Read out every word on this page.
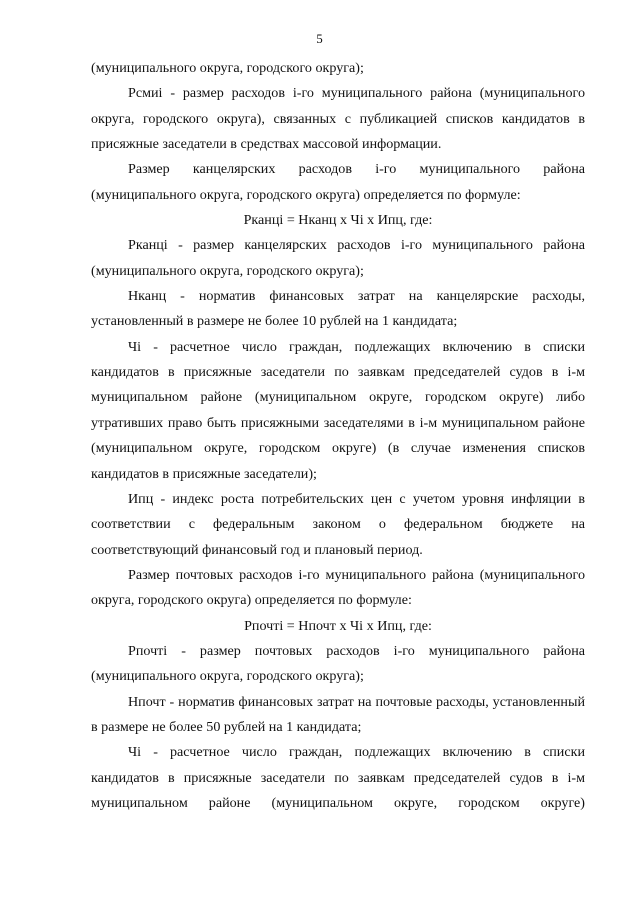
5

(муниципального округа, городского округа);

Рсмиі - размер расходов і-го муниципального района (муниципального округа, городского округа), связанных с публикацией списков кандидатов в присяжные заседатели в средствах массовой информации.

Размер канцелярских расходов і-го муниципального района (муниципального округа, городского округа) определяется по формуле:

Рканці = Нканц х Чі х Ипц, где:

Рканці - размер канцелярских расходов і-го муниципального района (муниципального округа, городского округа);

Нканц - норматив финансовых затрат на канцелярские расходы, установленный в размере не более 10 рублей на 1 кандидата;

Чі - расчетное число граждан, подлежащих включению в списки кандидатов в присяжные заседатели по заявкам председателей судов в і-м муниципальном районе (муниципальном округе, городском округе) либо утративших право быть присяжными заседателями в і-м муниципальном районе (муниципальном округе, городском округе) (в случае изменения списков кандидатов в присяжные заседатели);

Ипц - индекс роста потребительских цен с учетом уровня инфляции в соответствии с федеральным законом о федеральном бюджете на соответствующий финансовый год и плановый период.

Размер почтовых расходов і-го муниципального района (муниципального округа, городского округа) определяется по формуле:

Рпочті = Нпочт х Чі х Ипц, где:

Рпочті - размер почтовых расходов і-го муниципального района (муниципального округа, городского округа);

Нпочт - норматив финансовых затрат на почтовые расходы, установленный в размере не более 50 рублей на 1 кандидата;

Чі - расчетное число граждан, подлежащих включению в списки кандидатов в присяжные заседатели по заявкам председателей судов в і-м муниципальном районе (муниципальном округе, городском округе)
